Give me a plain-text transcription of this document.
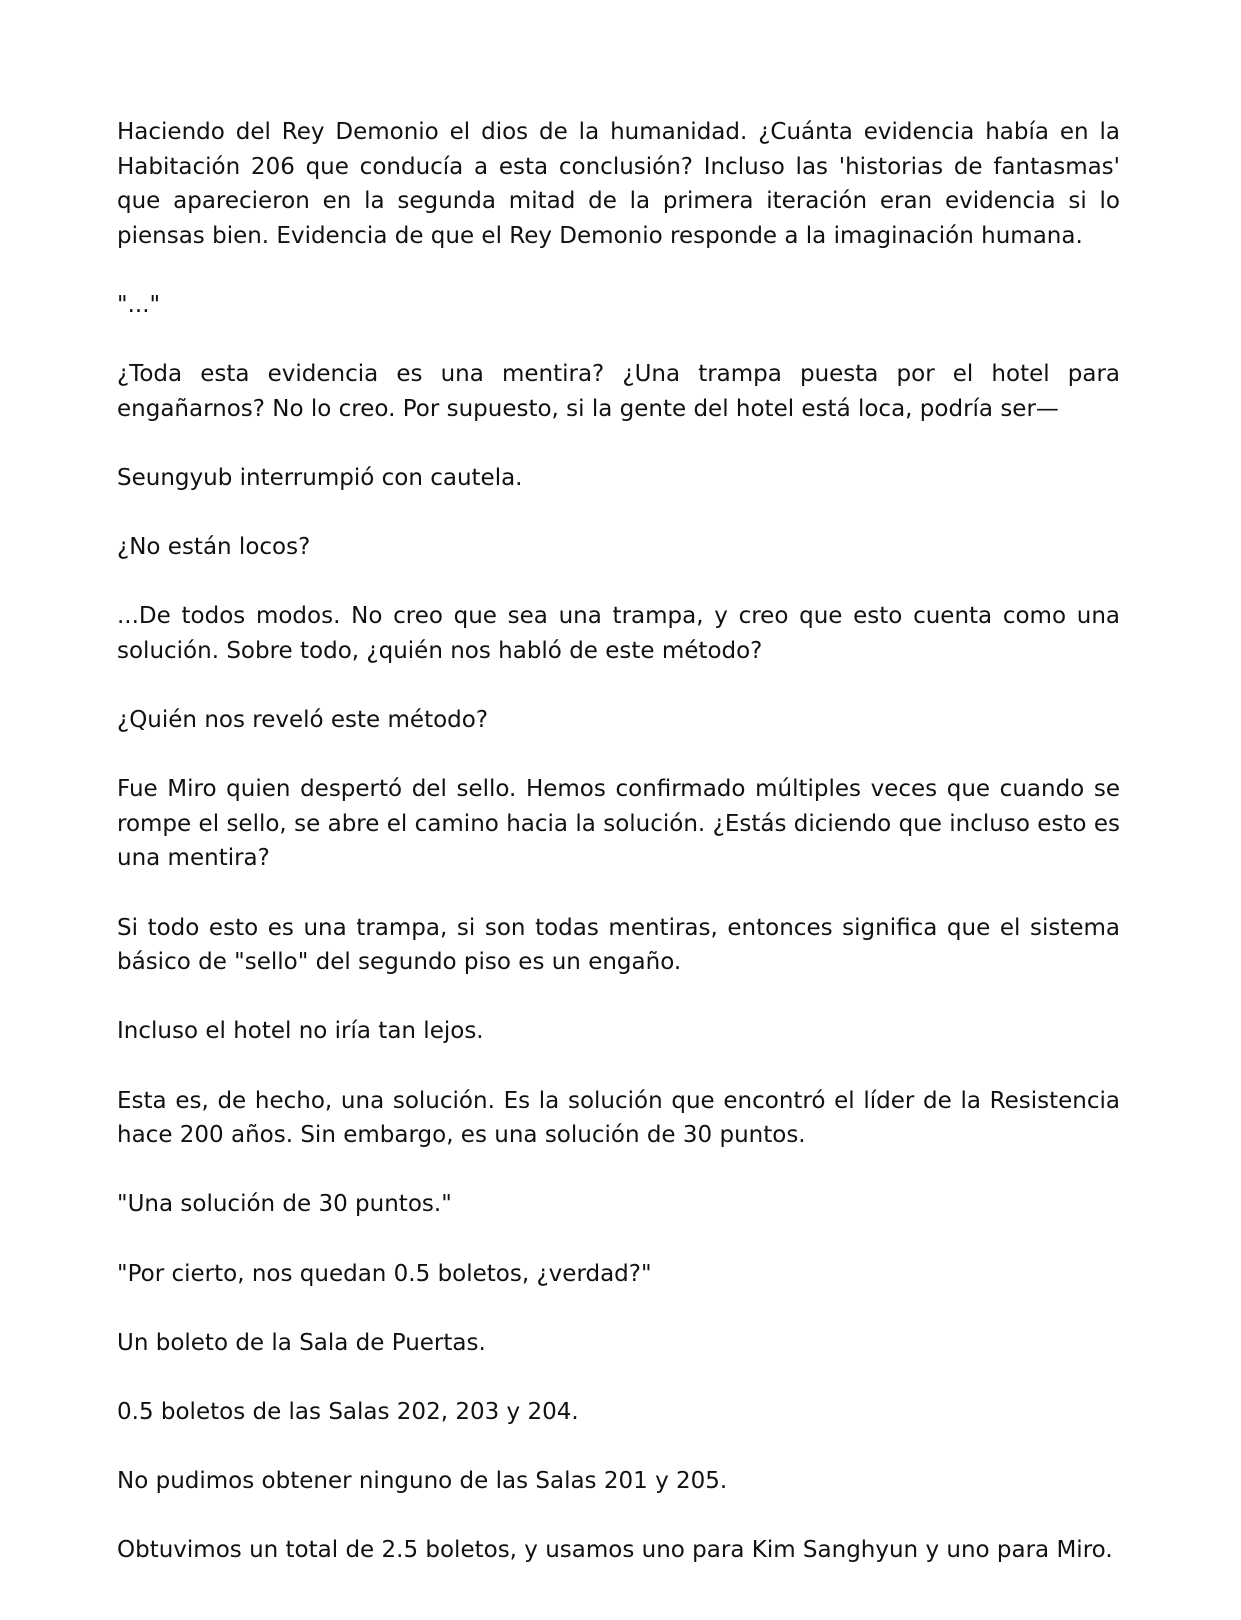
Haciendo del Rey Demonio el dios de la humanidad. ¿Cuánta evidencia había en la Habitación 206 que conducía a esta conclusión? Incluso las 'historias de fantasmas' que aparecieron en la segunda mitad de la primera iteración eran evidencia si lo piensas bien. Evidencia de que el Rey Demonio responde a la imaginación humana.

"..."

¿Toda esta evidencia es una mentira? ¿Una trampa puesta por el hotel para engañarnos? No lo creo. Por supuesto, si la gente del hotel está loca, podría ser—

Seungyub interrumpió con cautela.

¿No están locos?

...De todos modos. No creo que sea una trampa, y creo que esto cuenta como una solución. Sobre todo, ¿quién nos habló de este método?

¿Quién nos reveló este método?

Fue Miro quien despertó del sello. Hemos confirmado múltiples veces que cuando se rompe el sello, se abre el camino hacia la solución. ¿Estás diciendo que incluso esto es una mentira?

Si todo esto es una trampa, si son todas mentiras, entonces significa que el sistema básico de "sello" del segundo piso es un engaño.

Incluso el hotel no iría tan lejos.

Esta es, de hecho, una solución. Es la solución que encontró el líder de la Resistencia hace 200 años. Sin embargo, es una solución de 30 puntos.

"Una solución de 30 puntos."

"Por cierto, nos quedan 0.5 boletos, ¿verdad?"

Un boleto de la Sala de Puertas.

0.5 boletos de las Salas 202, 203 y 204.

No pudimos obtener ninguno de las Salas 201 y 205.

Obtuvimos un total de 2.5 boletos, y usamos uno para Kim Sanghyun y uno para Miro.
